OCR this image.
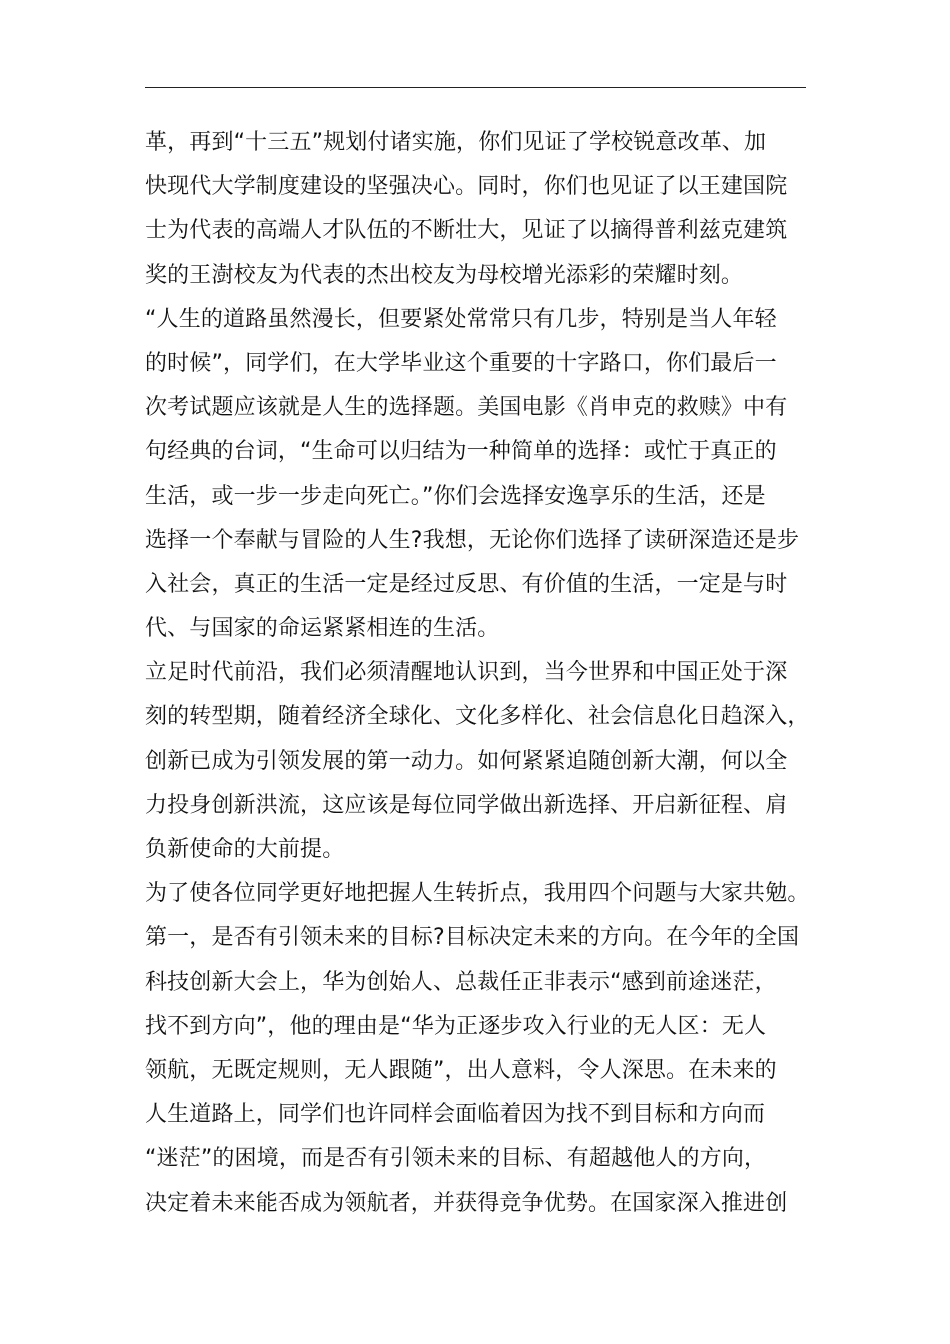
革，再到“十三五”规划付诸实施，你们见证了学校锐意改革、加
快现代大学制度建设的坚强决心。同时，你们也见证了以王建国院
士为代表的高端人才队伍的不断壮大，见证了以摘得普利兹克建筑
奖的王澍校友为代表的杰出校友为母校增光添彩的荣耀时刻。
“人生的道路虽然漫长，但要紧处常常只有几步，特别是当人年轻
的时候”，同学们，在大学毕业这个重要的十字路口，你们最后一
次考试题应该就是人生的选择题。美国电影《肖申克的救赎》中有
句经典的台词，“生命可以归结为一种简单的选择：或忙于真正的
生活，或一步一步走向死亡。”你们会选择安逸享乐的生活，还是
选择一个奉献与冒险的人生?我想，无论你们选择了读研深造还是步
入社会，真正的生活一定是经过反思、有价值的生活，一定是与时
代、与国家的命运紧紧相连的生活。
立足时代前沿，我们必须清醒地认识到，当今世界和中国正处于深
刻的转型期，随着经济全球化、文化多样化、社会信息化日趋深入，
创新已成为引领发展的第一动力。如何紧紧追随创新大潮，何以全
力投身创新洪流，这应该是每位同学做出新选择、开启新征程、肩
负新使命的大前提。
为了使各位同学更好地把握人生转折点，我用四个问题与大家共勉。
第一，是否有引领未来的目标?目标决定未来的方向。在今年的全国
科技创新大会上，华为创始人、总裁任正非表示“感到前途迷茫，
找不到方向”，他的理由是“华为正逐步攻入行业的无人区：无人
领航，无既定规则，无人跟随”，出人意料，令人深思。在未来的
人生道路上，同学们也许同样会面临着因为找不到目标和方向而
“迷茫”的困境，而是否有引领未来的目标、有超越他人的方向，
决定着未来能否成为领航者，并获得竞争优势。在国家深入推进创
